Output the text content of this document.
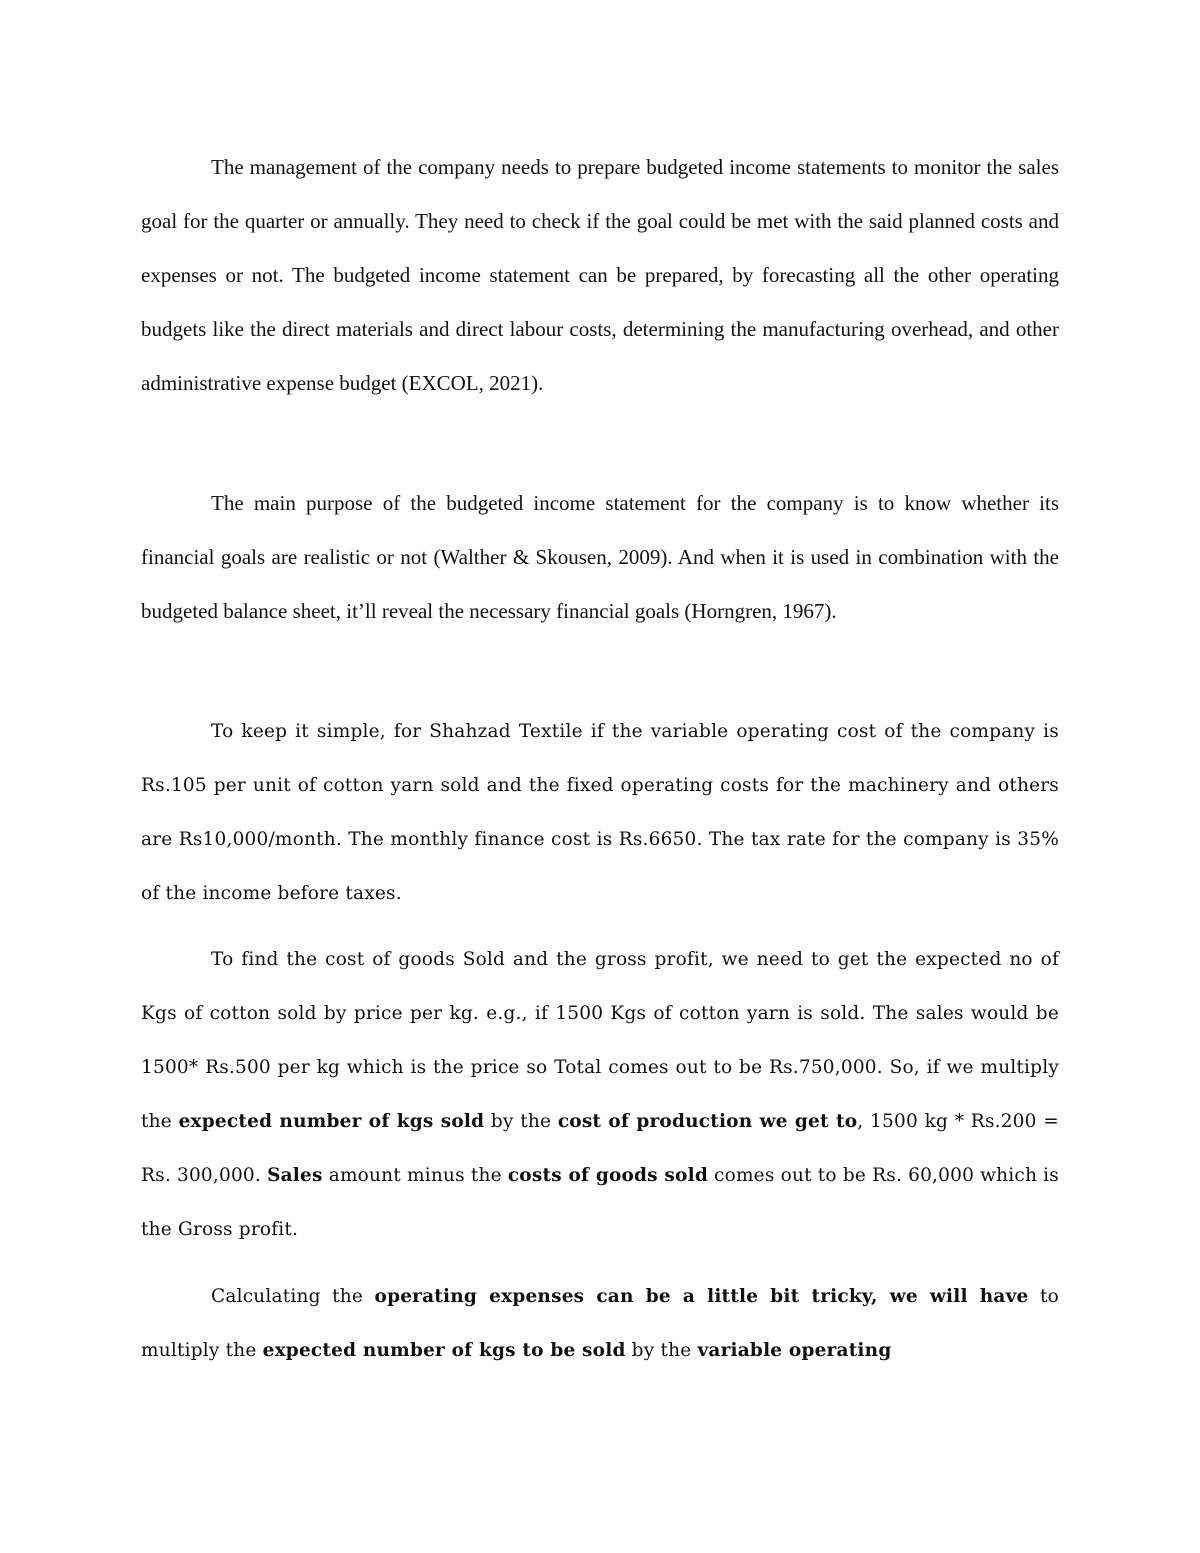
The management of the company needs to prepare budgeted income statements to monitor the sales goal for the quarter or annually. They need to check if the goal could be met with the said planned costs and expenses or not. The budgeted income statement can be prepared, by forecasting all the other operating budgets like the direct materials and direct labour costs, determining the manufacturing overhead, and other administrative expense budget (EXCOL, 2021).

The main purpose of the budgeted income statement for the company is to know whether its financial goals are realistic or not (Walther & Skousen, 2009). And when it is used in combination with the budgeted balance sheet, it’ll reveal the necessary financial goals (Horngren, 1967).

To keep it simple, for Shahzad Textile if the variable operating cost of the company is Rs.105 per unit of cotton yarn sold and the fixed operating costs for the machinery and others are Rs10,000/month. The monthly finance cost is Rs.6650. The tax rate for the company is 35% of the income before taxes.

To find the cost of goods Sold and the gross profit, we need to get the expected no of Kgs of cotton sold by price per kg. e.g., if 1500 Kgs of cotton yarn is sold. The sales would be 1500* Rs.500 per kg which is the price so Total comes out to be Rs.750,000. So, if we multiply the expected number of kgs sold by the cost of production we get to, 1500 kg * Rs.200 = Rs. 300,000. Sales amount minus the costs of goods sold comes out to be Rs. 60,000 which is the Gross profit.

Calculating the operating expenses can be a little bit tricky, we will have to multiply the expected number of kgs to be sold by the variable operating
